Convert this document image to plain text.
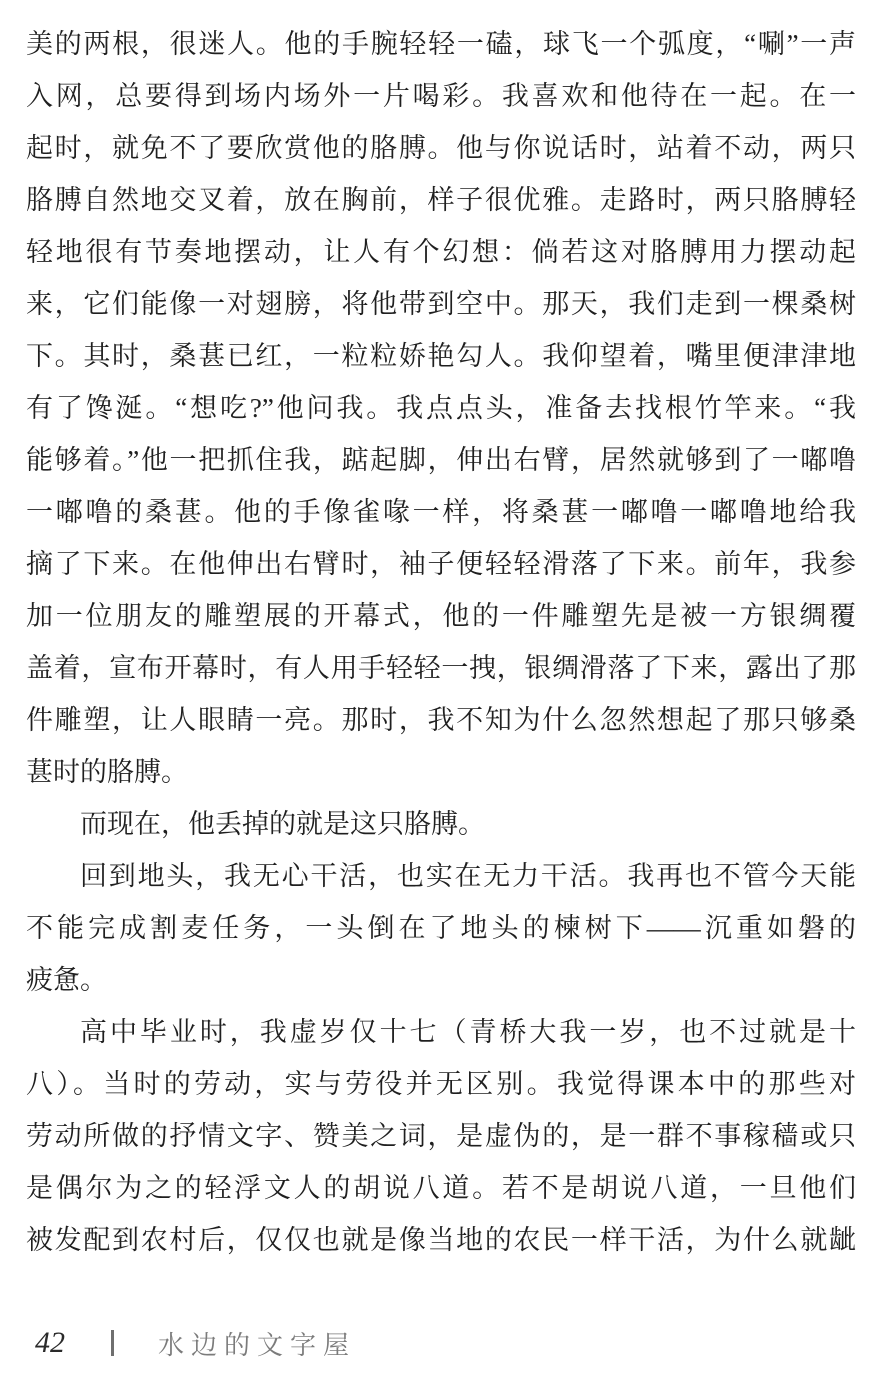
美的两根，很迷人。他的手腕轻轻一磕，球飞一个弧度，“唰”一声
入网，总要得到场内场外一片喝彩。我喜欢和他待在一起。在一
起时，就免不了要欣赏他的胳膊。他与你说话时，站着不动，两只
胳膊自然地交叉着，放在胸前，样子很优雅。走路时，两只胳膊轻
轻地很有节奏地摆动，让人有个幻想：倘若这对胳膊用力摆动起
来，它们能像一对翅膀，将他带到空中。那天，我们走到一棵桑树
下。其时，桑葚已红，一粒粒娇艳勾人。我仰望着，嘴里便津津地
有了馋涎。“想吃?”他问我。我点点头，准备去找根竹竿来。“我
能够着。”他一把抓住我，踮起脚，伸出右臂，居然就够到了一嘟噜
一嘟噜的桑葚。他的手像雀喙一样，将桑葚一嘟噜一嘟噜地给我
摘了下来。在他伸出右臂时，袖子便轻轻滑落了下来。前年，我参
加一位朋友的雕塑展的开幕式，他的一件雕塑先是被一方银绸覆
盖着，宣布开幕时，有人用手轻轻一拽，银绸滑落了下来，露出了那
件雕塑，让人眼睛一亮。那时，我不知为什么忽然想起了那只够桑
葚时的胳膊。
而现在，他丢掉的就是这只胳膊。
回到地头，我无心干活，也实在无力干活。我再也不管今天能
不能完成割麦任务，一头倒在了地头的楝树下——沉重如磐的
疲惫。
高中毕业时，我虚岁仅十七（青桥大我一岁，也不过就是十
八）。当时的劳动，实与劳役并无区别。我觉得课本中的那些对
劳动所做的抒情文字、赞美之词，是虚伪的，是一群不事稼穑或只
是偶尔为之的轻浮文人的胡说八道。若不是胡说八道，一旦他们
被发配到农村后，仅仅也就是像当地的农民一样干活，为什么就龇
42	水边的文字屋
